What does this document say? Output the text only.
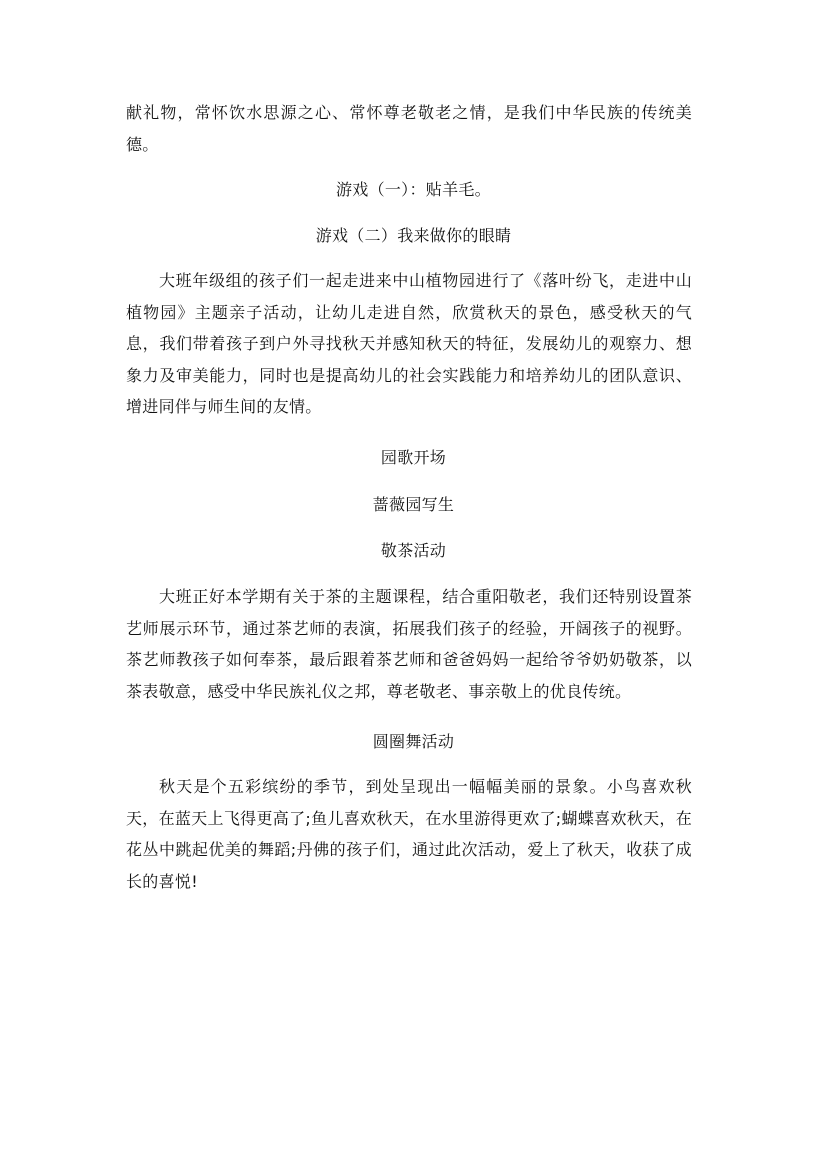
献礼物，常怀饮水思源之心、常怀尊老敬老之情，是我们中华民族的传统美德。

游戏（一）：贴羊毛。

游戏（二）我来做你的眼睛

大班年级组的孩子们一起走进来中山植物园进行了《落叶纷飞，走进中山植物园》主题亲子活动，让幼儿走进自然，欣赏秋天的景色，感受秋天的气息，我们带着孩子到户外寻找秋天并感知秋天的特征，发展幼儿的观察力、想象力及审美能力，同时也是提高幼儿的社会实践能力和培养幼儿的团队意识、增进同伴与师生间的友情。

园歌开场

蔷薇园写生

敬茶活动

大班正好本学期有关于茶的主题课程，结合重阳敬老，我们还特别设置茶艺师展示环节，通过茶艺师的表演，拓展我们孩子的经验，开阔孩子的视野。茶艺师教孩子如何奉茶，最后跟着茶艺师和爸爸妈妈一起给爷爷奶奶敬茶，以茶表敬意，感受中华民族礼仪之邦，尊老敬老、事亲敬上的优良传统。

圆圈舞活动

秋天是个五彩缤纷的季节，到处呈现出一幅幅美丽的景象。小鸟喜欢秋天，在蓝天上飞得更高了;鱼儿喜欢秋天，在水里游得更欢了;蝴蝶喜欢秋天，在花丛中跳起优美的舞蹈;丹佛的孩子们，通过此次活动，爱上了秋天，收获了成长的喜悦!
